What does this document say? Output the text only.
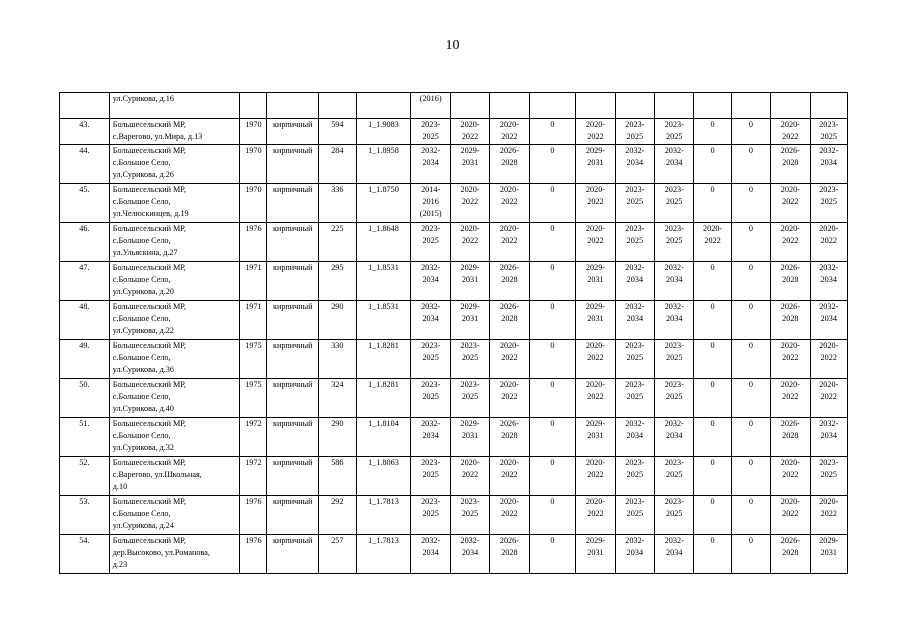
10
	ул.Сурикова, д.16					(2016)										
43.	Большесельский МР,
с.Варегово, ул.Мира, д.13	1970	кирпичный	594	1_1.9083	2023-
2025	2020-
2022	2020-
2022	0	2020-
2022	2023-
2025	2023-
2025	0	0	2020-
2022	2023-
2025
44.	Большесельский МР,
с.Большое Село,
ул.Сурикова, д.26	1970	кирпичный	284	1_1.8958	2032-
2034	2029-
2031	2026-
2028	0	2029-
2031	2032-
2034	2032-
2034	0	0	2026-
2028	2032-
2034
45.	Большесельский МР,
с.Большое Село,
ул.Челюскинцев, д.19	1970	кирпичный	336	1_1.8750	2014-
2016
(2015)	2020-
2022	2020-
2022	0	2020-
2022	2023-
2025	2023-
2025	0	0	2020-
2022	2023-
2025
46.	Большесельский МР,
с.Большое Село,
ул.Ульяскина, д.27	1976	кирпичный	225	1_1.8648	2023-
2025	2020-
2022	2020-
2022	0	2020-
2022	2023-
2025	2023-
2025	2020-
2022	0	2020-
2022	2020-
2022
47.	Большесельский МР,
с.Большое Село,
ул.Сурикова, д.20	1971	кирпичный	295	1_1.8531	2032-
2034	2029-
2031	2026-
2028	0	2029-
2031	2032-
2034	2032-
2034	0	0	2026-
2028	2032-
2034
48.	Большесельский МР,
с.Большое Село,
ул.Сурикова, д.22	1971	кирпичный	290	1_1.8531	2032-
2034	2029-
2031	2026-
2028	0	2029-
2031	2032-
2034	2032-
2034	0	0	2026-
2028	2032-
2034
49.	Большесельский МР,
с.Большое Село,
ул.Сурикова, д.36	1975	кирпичный	330	1_1.8281	2023-
2025	2023-
2025	2020-
2022	0	2020-
2022	2023-
2025	2023-
2025	0	0	2020-
2022	2020-
2022
50.	Большесельский МР,
с.Большое Село,
ул.Сурикова, д.40	1975	кирпичный	324	1_1.8281	2023-
2025	2023-
2025	2020-
2022	0	2020-
2022	2023-
2025	2023-
2025	0	0	2020-
2022	2020-
2022
51.	Большесельский МР,
с.Большое Село,
ул.Сурикова, д.32	1972	кирпичный	290	1_1.8104	2032-
2034	2029-
2031	2026-
2028	0	2029-
2031	2032-
2034	2032-
2034	0	0	2026-
2028	2032-
2034
52.	Большесельский МР,
с.Варегово, ул.Школьная,
д.10	1972	кирпичный	586	1_1.8063	2023-
2025	2020-
2022	2020-
2022	0	2020-
2022	2023-
2025	2023-
2025	0	0	2020-
2022	2023-
2025
53.	Большесельский МР,
с.Большое Село,
ул.Сурикова, д.24	1976	кирпичный	292	1_1.7813	2023-
2025	2023-
2025	2020-
2022	0	2020-
2022	2023-
2025	2023-
2025	0	0	2020-
2022	2020-
2022
54.	Большесельский МР,
дер.Высоково, ул.Романова,
д.23	1976	кирпичный	257	1_1.7813	2032-
2034	2032-
2034	2026-
2028	0	2029-
2031	2032-
2034	2032-
2034	0	0	2026-
2028	2029-
2031
